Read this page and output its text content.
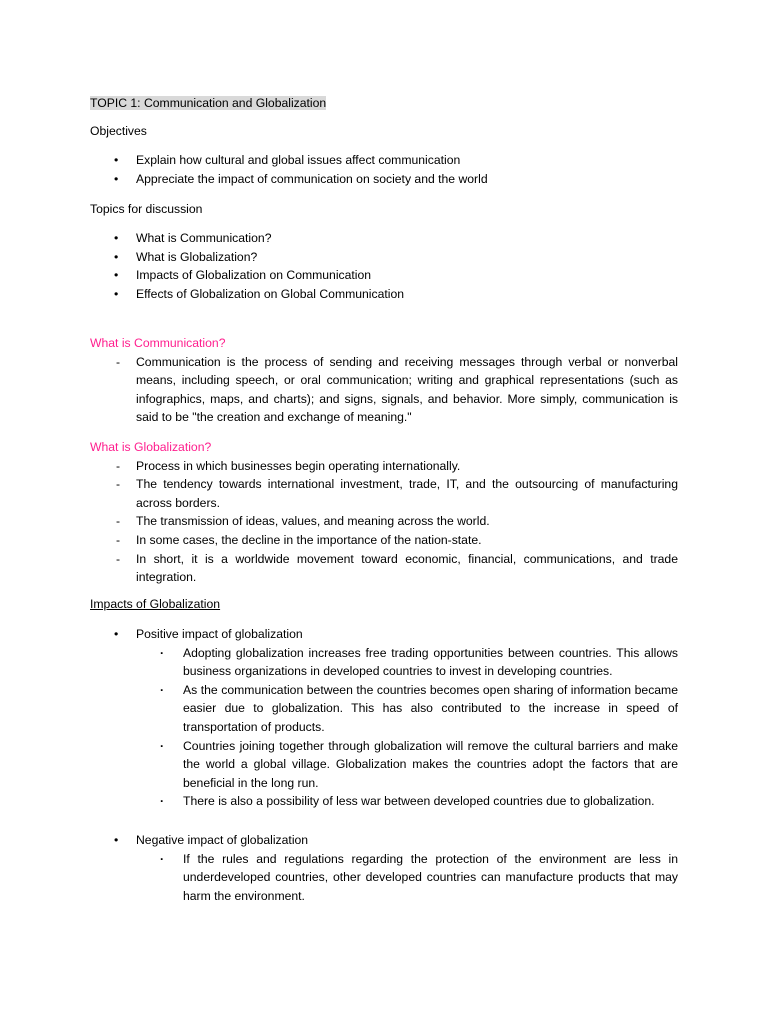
TOPIC 1: Communication and Globalization

Objectives

• Explain how cultural and global issues affect communication
• Appreciate the impact of communication on society and the world

Topics for discussion

• What is Communication?
• What is Globalization?
• Impacts of Globalization on Communication
• Effects of Globalization on Global Communication

What is Communication?

- Communication is the process of sending and receiving messages through verbal or nonverbal means, including speech, or oral communication; writing and graphical representations (such as infographics, maps, and charts); and signs, signals, and behavior. More simply, communication is said to be "the creation and exchange of meaning."

What is Globalization?

- Process in which businesses begin operating internationally.
- The tendency towards international investment, trade, IT, and the outsourcing of manufacturing across borders.
- The transmission of ideas, values, and meaning across the world.
- In some cases, the decline in the importance of the nation-state.
- In short, it is a worldwide movement toward economic, financial, communications, and trade integration.

Impacts of Globalization

• Positive impact of globalization
· Adopting globalization increases free trading opportunities between countries. This allows business organizations in developed countries to invest in developing countries.
· As the communication between the countries becomes open sharing of information became easier due to globalization. This has also contributed to the increase in speed of transportation of products.
· Countries joining together through globalization will remove the cultural barriers and make the world a global village. Globalization makes the countries adopt the factors that are beneficial in the long run.
· There is also a possibility of less war between developed countries due to globalization.
• Negative impact of globalization
· If the rules and regulations regarding the protection of the environment are less in underdeveloped countries, other developed countries can manufacture products that may harm the environment.
